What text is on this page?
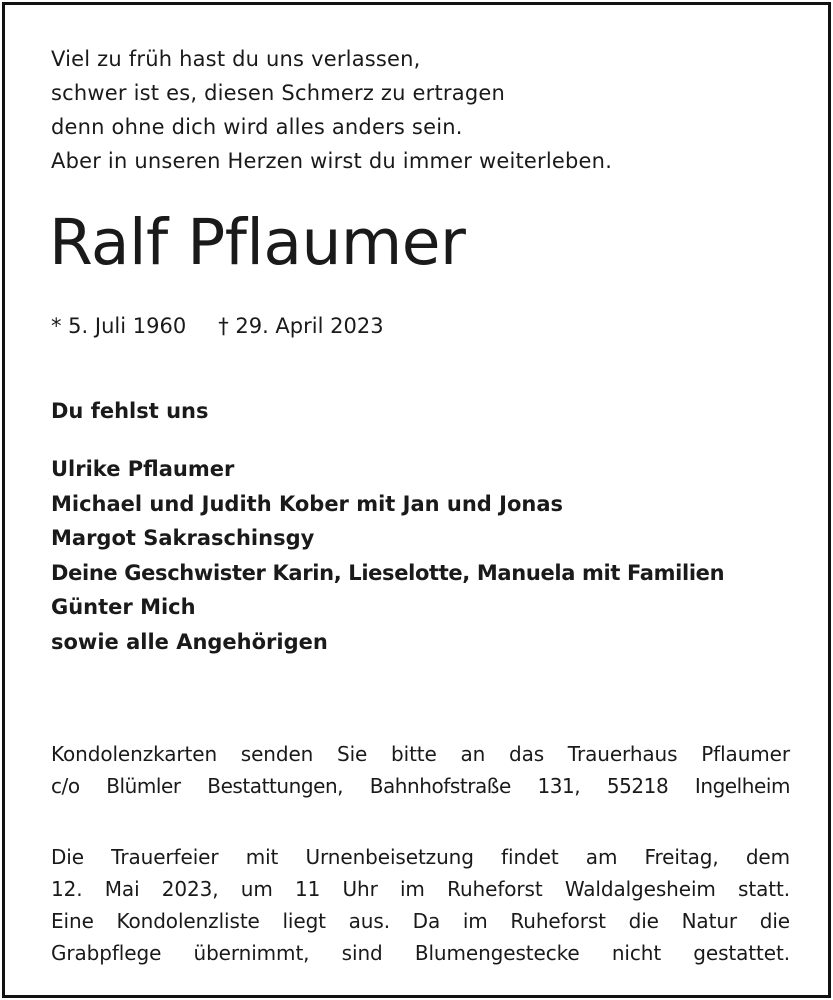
Viel zu früh hast du uns verlassen,
schwer ist es, diesen Schmerz zu ertragen
denn ohne dich wird alles anders sein.
Aber in unseren Herzen wirst du immer weiterleben.
Ralf Pflaumer
* 5. Juli 1960 † 29. April 2023
Du fehlst uns
Ulrike Pflaumer
Michael und Judith Kober mit Jan und Jonas
Margot Sakraschinsgy
Deine Geschwister Karin, Lieselotte, Manuela mit Familien
Günter Mich
sowie alle Angehörigen
Kondolenzkarten senden Sie bitte an das Trauerhaus Pflaumer
c/o Blümler Bestattungen, Bahnhofstraße 131, 55218 Ingelheim
Die Trauerfeier mit Urnenbeisetzung findet am Freitag, dem
12. Mai 2023, um 11 Uhr im Ruheforst Waldalgesheim statt.
Eine Kondolenzliste liegt aus. Da im Ruheforst die Natur die
Grabpflege übernimmt, sind Blumengestecke nicht gestattet.
